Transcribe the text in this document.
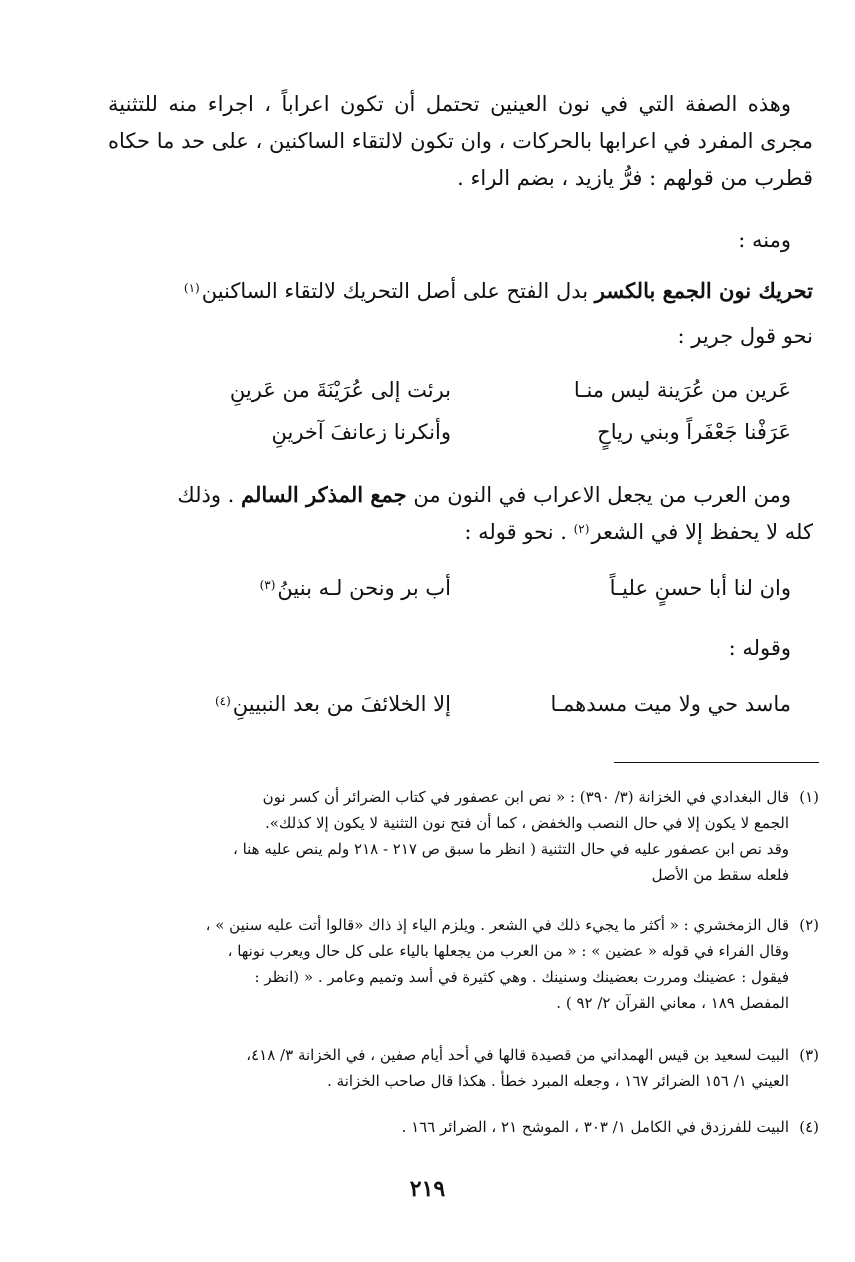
وهذه الصفة التي في نون العينين تحتمل أن تكون اعراباً ، اجراء منه للتثنية مجرى المفرد في اعرابها بالحركات ، وان تكون لالتقاء الساكنين ، على حد ما حكاه قطرب من قولهم : فرُّ يازيد ، بضم الراء .
ومنه :
تحريك نون الجمع بالكسر بدل الفتح على أصل التحريك لالتقاء الساكنين$^{(١)}$
نحو قول جرير :
عَرين من عُرَينة ليس منـا
برئت إلى عُرَيْنَةَ من عَرينِ
عَرَفْنا جَعْفَراً وبني رياحٍ
وأنكرنا زعانفَ آخرينِ
ومن العرب من يجعل الاعراب في النون من جمع المذكر السالم . وذلك
كله لا يحفظ إلا في الشعر$^{(٢)}$ . نحو قوله :
وان لنا أبا حسنٍ عليـاً
أب بر ونحن لـه بنينُ$^{(٣)}$
وقوله :
ماسد حي ولا ميت مسدهمـا
إلا الخلائفَ من بعد النبيينِ$^{(٤)}$
(١)
قال البغدادي في الخزانة (٣/ ٣٩٠) : « نص ابن عصفور في كتاب الضرائر أن كسر نون
الجمع لا يكون إلا في حال النصب والخفض ، كما أن فتح نون التثنية لا يكون إلا كذلك».
وقد نص ابن عصفور عليه في حال التثنية ( انظر ما سبق ص ٢١٧ - ٢١٨ ولم ينص عليه هنا ،
فلعله سقط من الأصل
(٢)
قال الزمخشري : « أكثر ما يجيء ذلك في الشعر . ويلزم الياء إذ ذاك «قالوا أتت عليه سنين » ،
وقال الفراء في قوله « عضين » : « من العرب من يجعلها بالياء على كل حال ويعرب نونها ،
فيقول : عضينك ومررت بعضينك وسنينك . وهي كثيرة في أسد وتميم وعامر . « (انظر :
المفصل ١٨٩ ، معاني القرآن ٢/ ٩٢ ) .
(٣)
البيت لسعيد بن قيس الهمداني من قصيدة قالها في أحد أيام صفين ، في الخزانة ٣/ ٤١٨،
العيني ١/ ١٥٦ الضرائر ١٦٧ ، وجعله المبرد خطأ . هكذا قال صاحب الخزانة .
(٤)
البيت للفرزدق في الكامل ١/ ٣٠٣ ، الموشح ٢١ ، الضرائر ١٦٦ .
٢١٩
